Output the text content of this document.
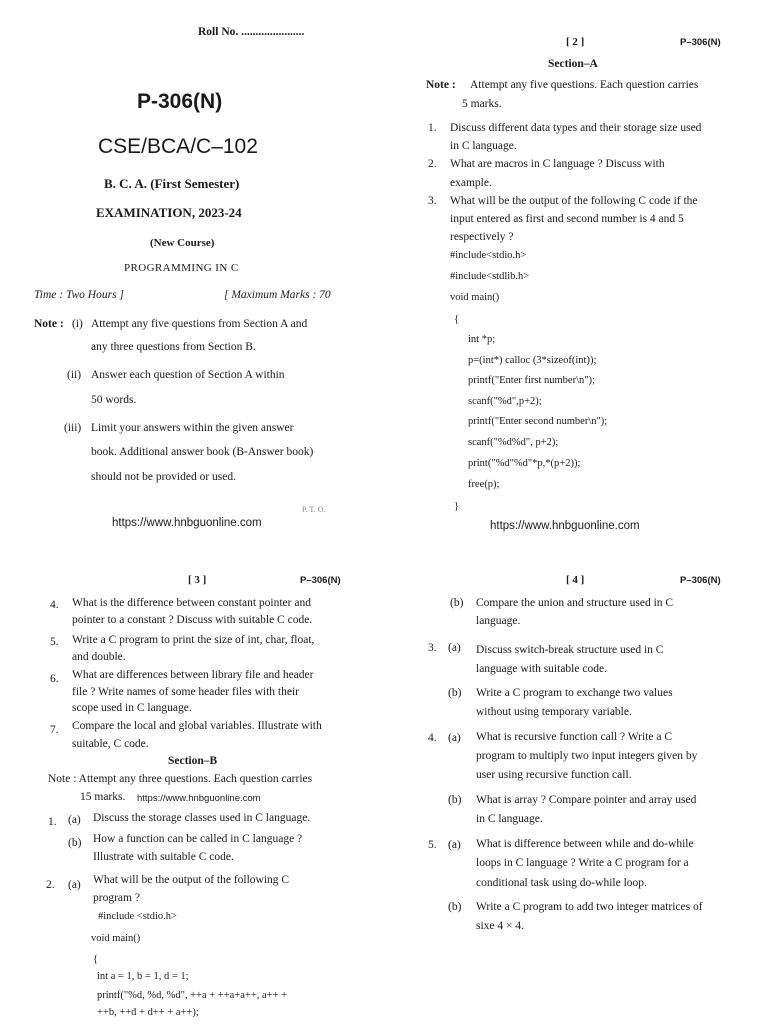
Roll No. ......................
P-306(N)
CSE/BCA/C–102
B. C. A. (First Semester)
EXAMINATION, 2023-24
(New Course)
PROGRAMMING IN C
Time : Two Hours ]	[ Maximum Marks : 70
Note : (i) Attempt any five questions from Section A and
any three questions from Section B.
(ii) Answer each question of Section A within
50 words.
(iii) Limit your answers within the given answer
book. Additional answer book (B-Answer book)
should not be provided or used.
P. T. O.
https://www.hnbguonline.com
[ 2 ]	P–306(N)
Section–A
Note : Attempt any five questions. Each question carries
5 marks.
1. Discuss different data types and their storage size used
in C language.
2. What are macros in C language ? Discuss with
example.
3. What will be the output of the following C code if the
input entered as first and second number is 4 and 5
respectively ?
#include<stdio.h>
#include<stdlib.h>
void main()
{
int *p;
p=(int*) calloc (3*sizeof(int));
printf("Enter first number\n");
scanf("%d",p+2);
printf("Enter second number\n");
scanf("%d%d", p+2);
print("%d"%d"*p,*(p+2));
free(p);
}
https://www.hnbguonline.com
[ 3 ]	P–306(N)
4. What is the difference between constant pointer and
pointer to a constant ? Discuss with suitable C code.
5. Write a C program to print the size of int, char, float,
and double.
6. What are differences between library file and header
file ? Write names of some header files with their
scope used in C language.
7. Compare the local and global variables. Illustrate with
suitable, C code.
Section–B
Note : Attempt any three questions. Each question carries
15 marks. https://www.hnbguonline.com
1. (a) Discuss the storage classes used in C language.
(b) How a function can be called in C language ?
Illustrate with suitable C code.
2. (a) What will be the output of the following C
program ?
#include <stdio.h>
void main()
{
int a = 1, b = 1, d = 1;
printf("%d, %d, %d", ++a + ++a+a++, a++ +
++b, ++d + d++ + a++);
[ 4 ]	P–306(N)
(b) Compare the union and structure used in C
language.
3. (a) Discuss switch-break structure used in C
language with suitable code.
(b) Write a C program to exchange two values
without using temporary variable.
4. (a) What is recursive function call ? Write a C
program to multiply two input integers given by
user using recursive function call.
(b) What is array ? Compare pointer and array used
in C language.
5. (a) What is difference between while and do-while
loops in C language ? Write a C program for a
conditional task using do-while loop.
(b) Write a C program to add two integer matrices of
sixe 4 × 4.
